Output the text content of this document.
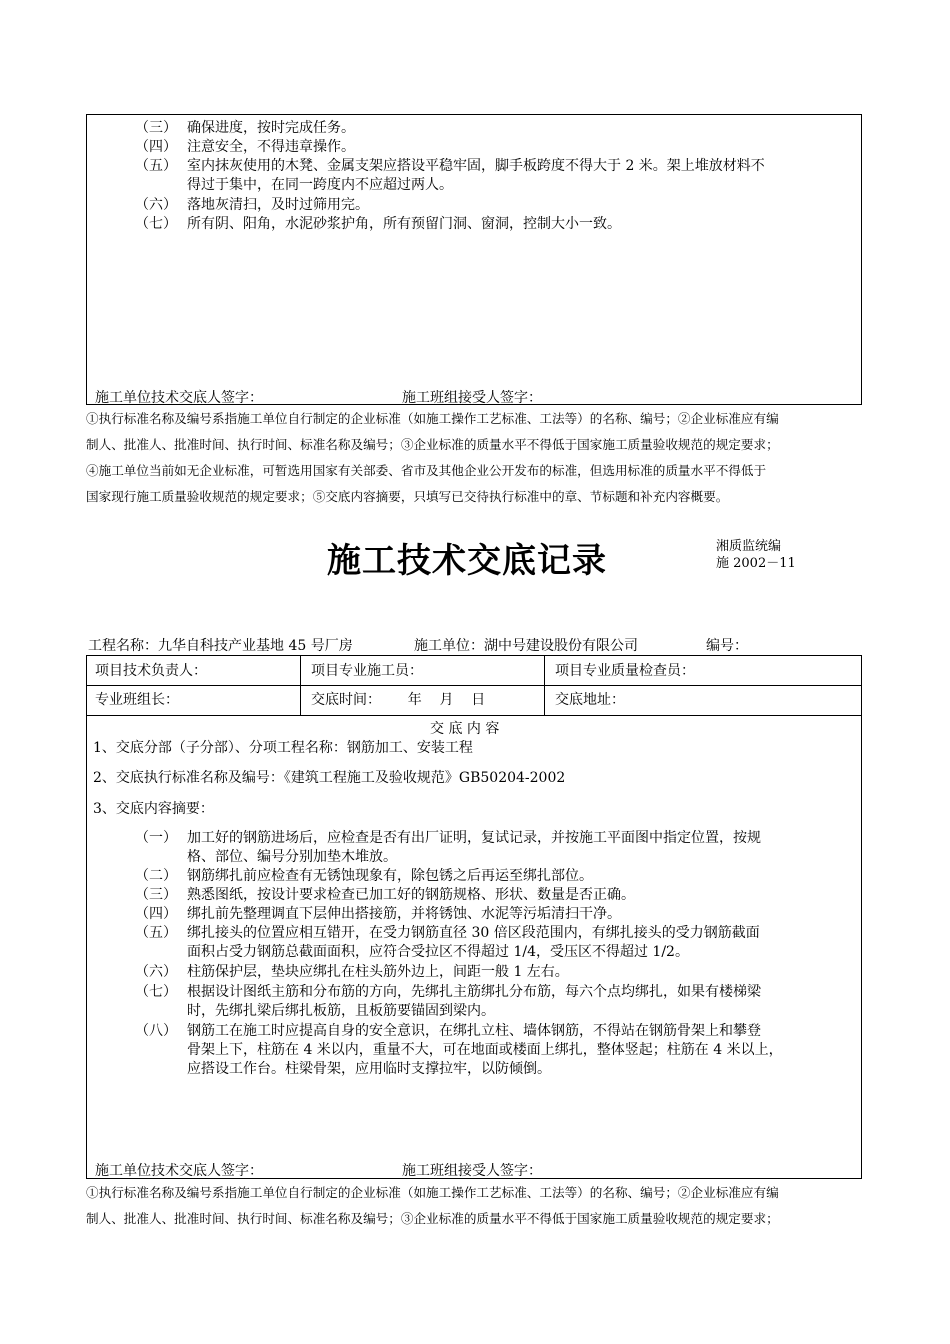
（三） 确保进度，按时完成任务。
（四） 注意安全，不得违章操作。
（五） 室内抹灰使用的木凳、金属支架应搭设平稳牢固，脚手板跨度不得大于 2 米。架上堆放材料不
得过于集中，在同一跨度内不应超过两人。
（六） 落地灰清扫，及时过筛用完。
（七） 所有阴、阳角，水泥砂浆护角，所有预留门洞、窗洞，控制大小一致。
施工单位技术交底人签字：	施工班组接受人签字：
①执行标准名称及编号系指施工单位自行制定的企业标准（如施工操作工艺标准、工法等）的名称、编号；②企业标准应有编
制人、批准人、批准时间、执行时间、标准名称及编号；③企业标准的质量水平不得低于国家施工质量验收规范的规定要求；
④施工单位当前如无企业标准，可暂选用国家有关部委、省市及其他企业公开发布的标准，但选用标准的质量水平不得低于
国家现行施工质量验收规范的规定要求；⑤交底内容摘要，只填写已交待执行标准中的章、节标题和补充内容概要。
施工技术交底记录	湘质监统编
施 2002－11
工程名称：九华自科技产业基地 45 号厂房	施工单位：湖中号建设股份有限公司	编号：
项目技术负责人：	项目专业施工员：	项目专业质量检查员：
专业班组长：	交底时间：      年    月    日	交底地址：
交 底 内 容
1、交底分部（子分部）、分项工程名称：钢筋加工、安装工程
2、交底执行标准名称及编号：《建筑工程施工及验收规范》GB50204-2002
3、交底内容摘要：
（一） 加工好的钢筋进场后，应检查是否有出厂证明，复试记录，并按施工平面图中指定位置，按规
格、部位、编号分别加垫木堆放。
（二） 钢筋绑扎前应检查有无锈蚀现象有，除包锈之后再运至绑扎部位。
（三） 熟悉图纸，按设计要求检查已加工好的钢筋规格、形状、数量是否正确。
（四） 绑扎前先整理调直下层伸出搭接筋，并将锈蚀、水泥等污垢清扫干净。
（五） 绑扎接头的位置应相互错开，在受力钢筋直径 30 倍区段范围内，有绑扎接头的受力钢筋截面
面积占受力钢筋总截面面积，应符合受拉区不得超过 1/4，受压区不得超过 1/2。
（六） 柱筋保护层，垫块应绑扎在柱头筋外边上，间距一般 1 左右。
（七） 根据设计图纸主筋和分布筋的方向，先绑扎主筋绑扎分布筋，每六个点均绑扎，如果有楼梯梁
时，先绑扎梁后绑扎板筋，且板筋要锚固到梁内。
（八） 钢筋工在施工时应提高自身的安全意识，在绑扎立柱、墙体钢筋，不得站在钢筋骨架上和攀登
骨架上下，柱筋在 4 米以内，重量不大，可在地面或楼面上绑扎，整体竖起；柱筋在 4 米以上，
应搭设工作台。柱梁骨架，应用临时支撑拉牢，以防倾倒。
施工单位技术交底人签字：	施工班组接受人签字：
①执行标准名称及编号系指施工单位自行制定的企业标准（如施工操作工艺标准、工法等）的名称、编号；②企业标准应有编
制人、批准人、批准时间、执行时间、标准名称及编号；③企业标准的质量水平不得低于国家施工质量验收规范的规定要求；
